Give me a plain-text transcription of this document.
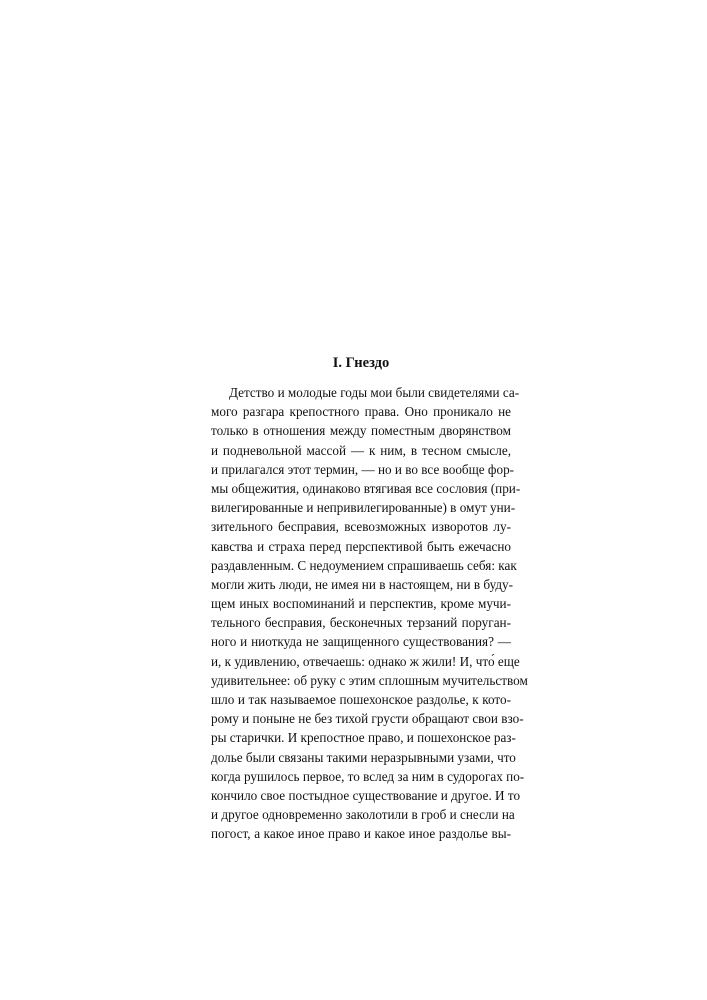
I. Гнездо
Детство и молодые годы мои были свидетелями са-
мого разгара крепостного права. Оно проникало не
только в отношения между поместным дворянством
и подневольной массой — к ним, в тесном смысле,
и прилагался этот термин, — но и во все вообще фор-
мы общежития, одинаково втягивая все сословия (при-
вилегированные и непривилегированные) в омут уни-
зительного бесправия, всевозможных изворотов лу-
кавства и страха перед перспективой быть ежечасно
раздавленным. С недоумением спрашиваешь себя: как
могли жить люди, не имея ни в настоящем, ни в буду-
щем иных воспоминаний и перспектив, кроме мучи-
тельного бесправия, бесконечных терзаний поруган-
ного и ниоткуда не защищенного существования? —
и, к удивлению, отвечаешь: однако ж жили! И, что́ еще
удивительнее: об руку с этим сплошным мучительством
шло и так называемое пошехонское раздолье, к кото-
рому и поныне не без тихой грусти обращают свои взо-
ры старички. И крепостное право, и пошехонское раз-
долье были связаны такими неразрывными узами, что
когда рушилось первое, то вслед за ним в судорогах по-
кончило свое постыдное существование и другое. И то
и другое одновременно заколотили в гроб и снесли на
погост, а какое иное право и какое иное раздолье вы-
